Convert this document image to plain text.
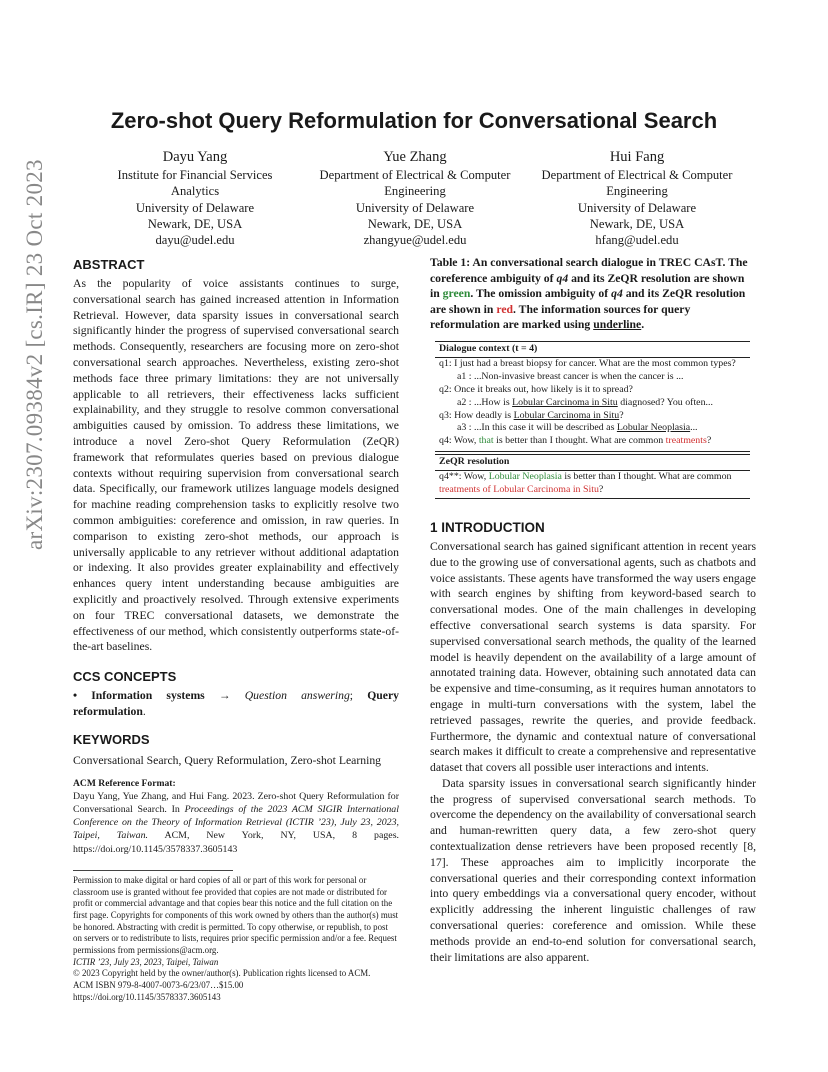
arXiv:2307.09384v2 [cs.IR] 23 Oct 2023
Zero-shot Query Reformulation for Conversational Search
Dayu Yang
Institute for Financial Services
Analytics
University of Delaware
Newark, DE, USA
dayu@udel.edu
Yue Zhang
Department of Electrical & Computer
Engineering
University of Delaware
Newark, DE, USA
zhangyue@udel.edu
Hui Fang
Department of Electrical & Computer
Engineering
University of Delaware
Newark, DE, USA
hfang@udel.edu
ABSTRACT
As the popularity of voice assistants continues to surge, conversational search has gained increased attention in Information Retrieval. However, data sparsity issues in conversational search significantly hinder the progress of supervised conversational search methods. Consequently, researchers are focusing more on zero-shot conversational search approaches. Nevertheless, existing zero-shot methods face three primary limitations: they are not universally applicable to all retrievers, their effectiveness lacks sufficient explainability, and they struggle to resolve common conversational ambiguities caused by omission. To address these limitations, we introduce a novel Zero-shot Query Reformulation (ZeQR) framework that reformulates queries based on previous dialogue contexts without requiring supervision from conversational search data. Specifically, our framework utilizes language models designed for machine reading comprehension tasks to explicitly resolve two common ambiguities: coreference and omission, in raw queries. In comparison to existing zero-shot methods, our approach is universally applicable to any retriever without additional adaptation or indexing. It also provides greater explainability and effectively enhances query intent understanding because ambiguities are explicitly and proactively resolved. Through extensive experiments on four TREC conversational datasets, we demonstrate the effectiveness of our method, which consistently outperforms state-of-the-art baselines.
CCS CONCEPTS
• Information systems → Question answering; Query reformulation.
KEYWORDS
Conversational Search, Query Reformulation, Zero-shot Learning
ACM Reference Format:
Dayu Yang, Yue Zhang, and Hui Fang. 2023. Zero-shot Query Reformulation for Conversational Search. In Proceedings of the 2023 ACM SIGIR International Conference on the Theory of Information Retrieval (ICTIR ’23), July 23, 2023, Taipei, Taiwan. ACM, New York, NY, USA, 8 pages. https://doi.org/10.1145/3578337.3605143
Permission to make digital or hard copies of all or part of this work for personal or classroom use is granted without fee provided that copies are not made or distributed for profit or commercial advantage and that copies bear this notice and the full citation on the first page. Copyrights for components of this work owned by others than the author(s) must be honored. Abstracting with credit is permitted. To copy otherwise, or republish, to post on servers or to redistribute to lists, requires prior specific permission and/or a fee. Request permissions from permissions@acm.org.
ICTIR ’23, July 23, 2023, Taipei, Taiwan
© 2023 Copyright held by the owner/author(s). Publication rights licensed to ACM.
ACM ISBN 979-8-4007-0073-6/23/07…$15.00
https://doi.org/10.1145/3578337.3605143
Table 1: An conversational search dialogue in TREC CAsT. The coreference ambiguity of q4 and its ZeQR resolution are shown in green. The omission ambiguity of q4 and its ZeQR resolution are shown in red. The information sources for query reformulation are marked using underline.
Dialogue context (t = 4)
q1: I just had a breast biopsy for cancer. What are the most common types?
a1 : ...Non-invasive breast cancer is when the cancer is ...
q2: Once it breaks out, how likely is it to spread?
a2 : ...How is Lobular Carcinoma in Situ diagnosed? You often...
q3: How deadly is Lobular Carcinoma in Situ?
a3 : ...In this case it will be described as Lobular Neoplasia...
q4: Wow, that is better than I thought. What are common treatments?
ZeQR resolution
q4**: Wow, Lobular Neoplasia is better than I thought. What are common treatments of Lobular Carcinoma in Situ?
1 INTRODUCTION
Conversational search has gained significant attention in recent years due to the growing use of conversational agents, such as chatbots and voice assistants. These agents have transformed the way users engage with search engines by shifting from keyword-based search to conversational modes. One of the main challenges in developing effective conversational search systems is data sparsity. For supervised conversational search methods, the quality of the learned model is heavily dependent on the availability of a large amount of annotated training data. However, obtaining such annotated data can be expensive and time-consuming, as it requires human annotators to engage in multi-turn conversations with the system, label the retrieved passages, rewrite the queries, and provide feedback. Furthermore, the dynamic and contextual nature of conversational search makes it difficult to create a comprehensive and representative dataset that covers all possible user interactions and intents.
Data sparsity issues in conversational search significantly hinder the progress of supervised conversational search methods. To overcome the dependency on the availability of conversational search and human-rewritten query data, a few zero-shot query contextualization dense retrievers have been proposed recently [8, 17]. These approaches aim to implicitly incorporate the conversational queries and their corresponding context information into query embeddings via a conversational query encoder, without explicitly addressing the inherent linguistic challenges of raw conversational queries: coreference and omission. While these methods provide an end-to-end solution for conversational search, their limitations are also apparent.
